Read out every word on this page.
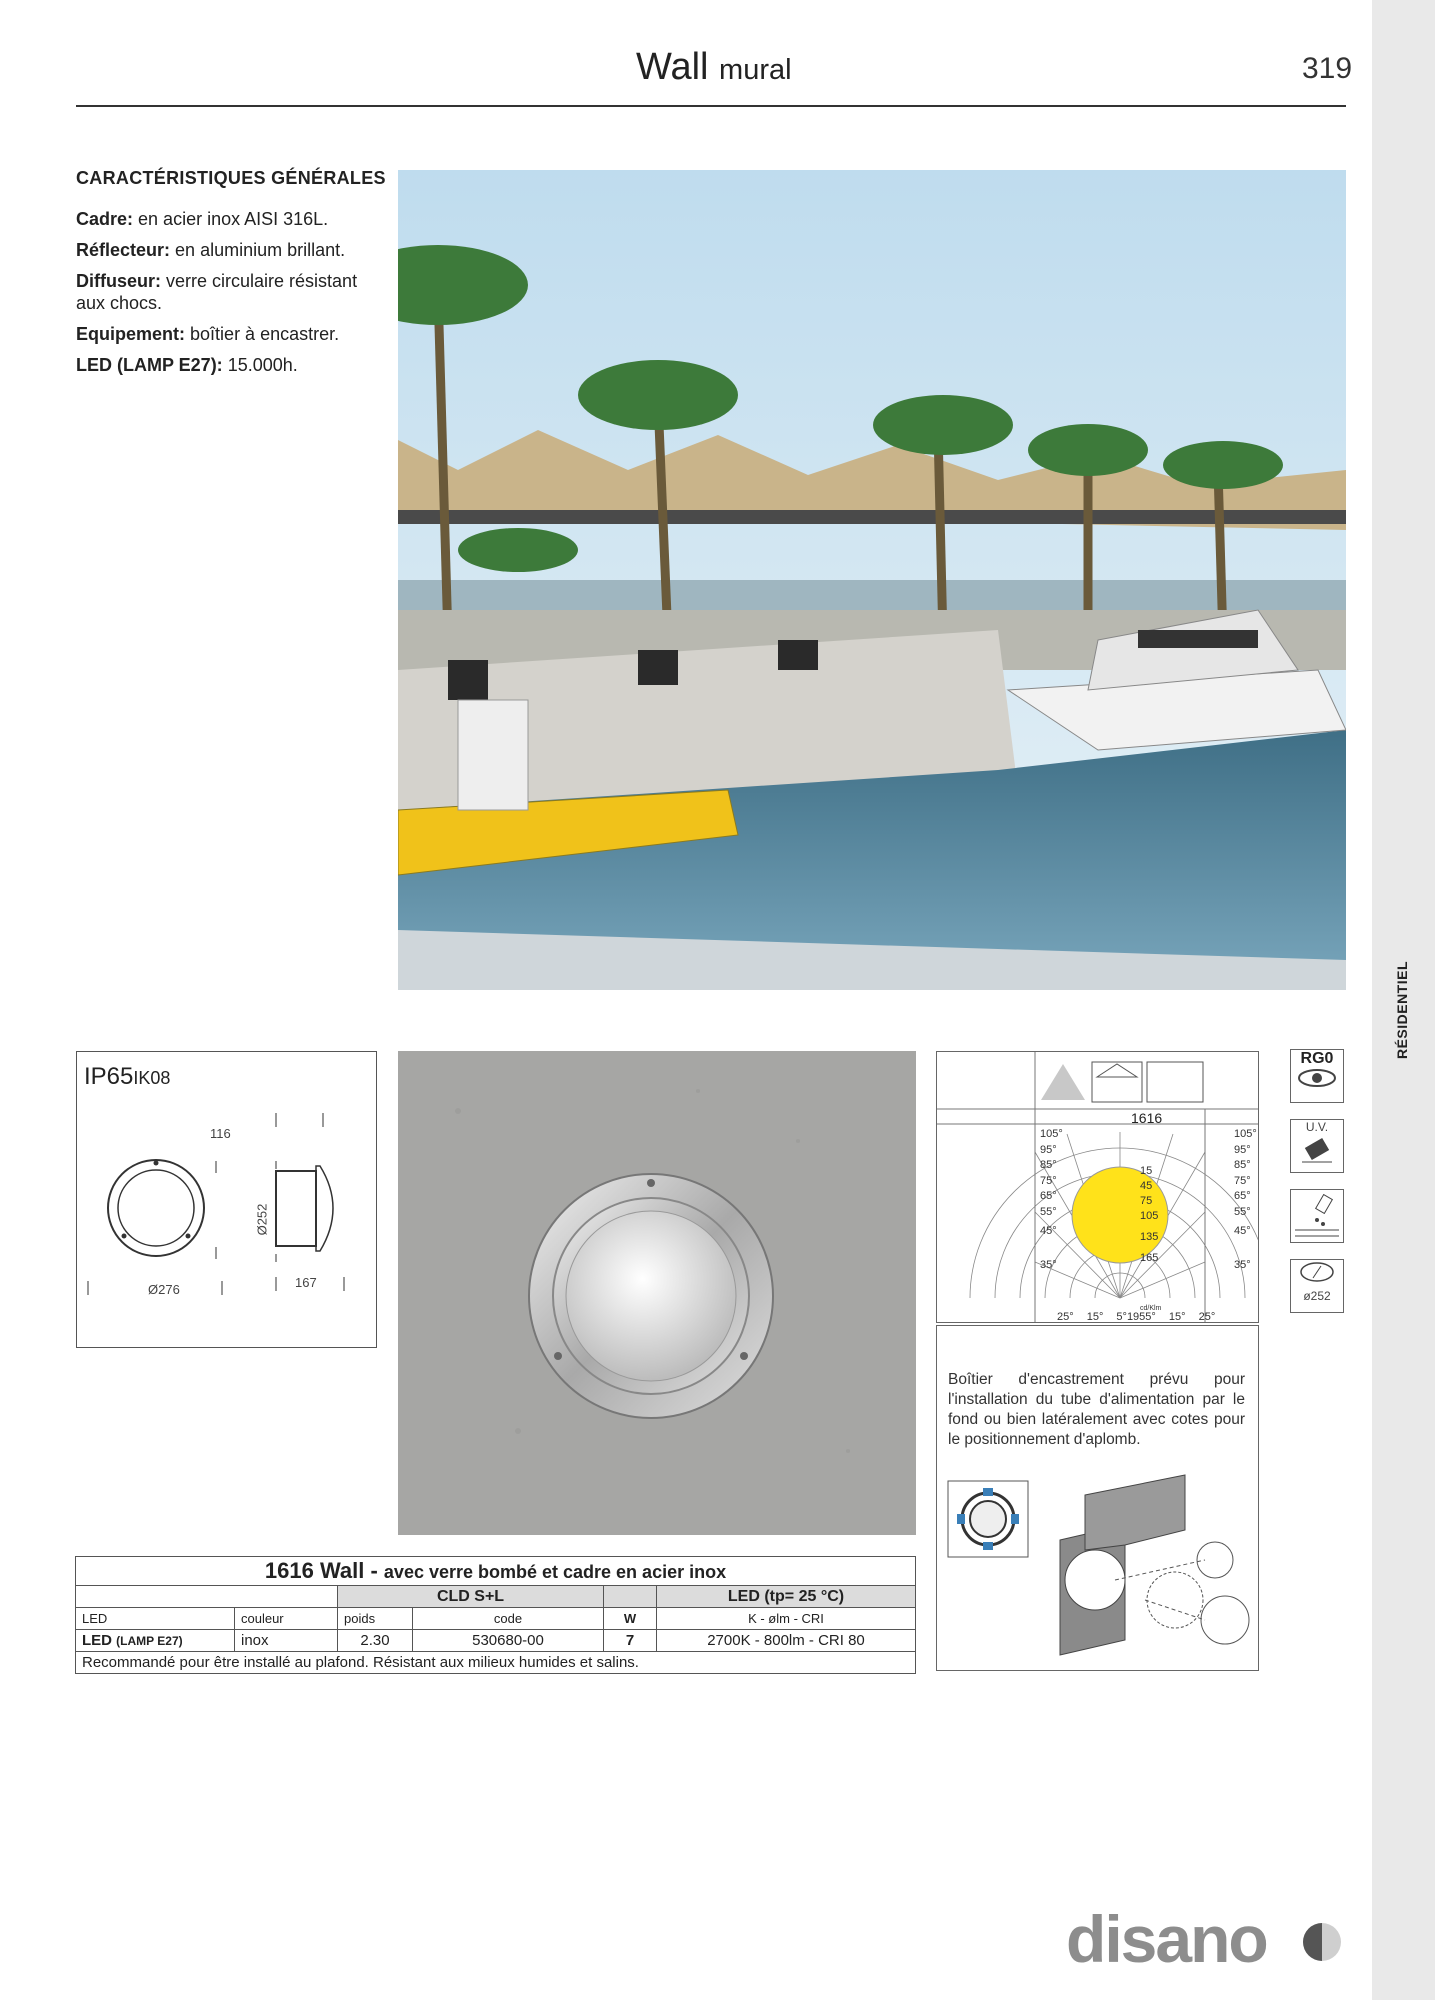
RÉSIDENTIEL
Wall mural	319
CARACTÉRISTIQUES GÉNÉRALES

Cadre: en acier inox AISI 316L.

Réflecteur: en aluminium brillant.

Diffuseur: verre circulaire résistant aux chocs.

Equipement: boîtier à encastrer.

LED (LAMP E27): 15.000h.

IP65IK08
116
Ø252
Ø276	167
1616
105°
95°
85°
75°
65°
55°
45°
35°
105°
95°
85°
75°
65°
55°
45°
35°
15
45
75
105
135
165
cd/Klm
25° 15° 5°1955° 15° 25°
RG0
U.V.
ø252
Boîtier d'encastrement prévu pour l'installation du tube d'alimentation par le fond ou bien latéralement avec cotes pour le positionnement d'aplomb.
1616 Wall - avec verre bombé et cadre en acier inox					
		CLD S+L			LED (tp= 25 °C)
LED	couleur	poids	code	W	K - ølm - CRI
LED (LAMP E27)	inox	2.30	530680-00	7	2700K - 800lm - CRI 80
Recommandé pour être installé au plafond. Résistant aux milieux humides et salins.					
disano
